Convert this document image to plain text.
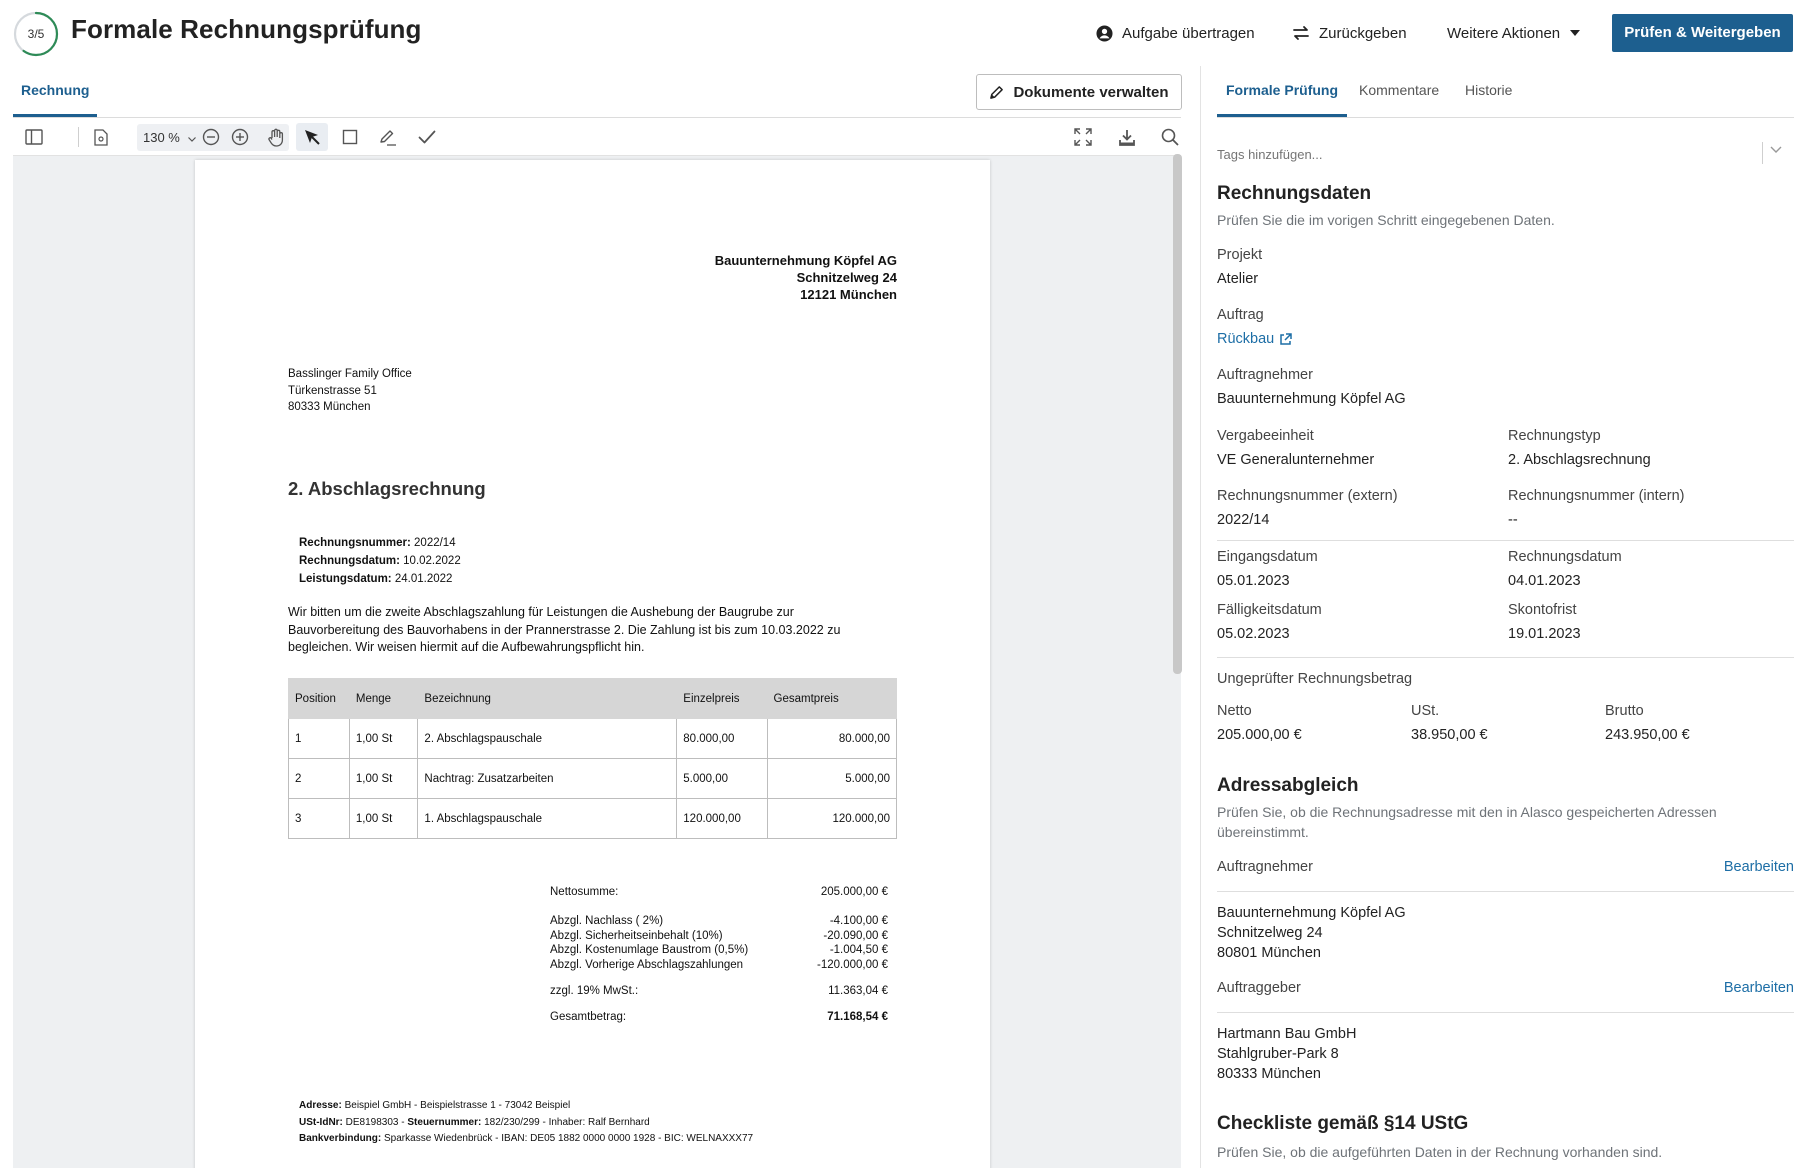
3/5	Formale Rechnungsprüfung	Aufgabe übertragen	Zurückgeben	Weitere Aktionen	Prüfen & Weitergeben
Rechnung	Dokumente verwalten
130 %
Bauunternehmung Köpfel AG
Schnitzelweg 24
12121 München
Basslinger Family Office
Türkenstrasse 51
80333 München
2. Abschlagsrechnung
Rechnungsnummer: 2022/14
Rechnungsdatum: 10.02.2022
Leistungsdatum: 24.01.2022
Wir bitten um die zweite Abschlagszahlung für Leistungen die Aushebung der Baugrube zur Bauvorbereitung des Bauvorhabens in der Prannerstrasse 2. Die Zahlung ist bis zum 10.03.2022 zu begleichen. Wir weisen hiermit auf die Aufbewahrungspflicht hin.
Position	Menge	Bezeichnung	Einzelpreis	Gesamtpreis
1	1,00 St	2. Abschlagspauschale	80.000,00	80.000,00
2	1,00 St	Nachtrag: Zusatzarbeiten	5.000,00	5.000,00
3	1,00 St	1. Abschlagspauschale	120.000,00	120.000,00
Nettosumme:	205.000,00 €
Abzgl. Nachlass ( 2%)	-4.100,00 €
Abzgl. Sicherheitseinbehalt (10%)	-20.090,00 €
Abzgl. Kostenumlage Baustrom (0,5%)	-1.004,50 €
Abzgl. Vorherige Abschlagszahlungen	-120.000,00 €
zzgl. 19% MwSt.:	11.363,04 €
Gesamtbetrag:	71.168,54 €
Adresse: Beispiel GmbH - Beispielstrasse 1 - 73042 Beispiel
USt-IdNr: DE8198303 - Steuernummer: 182/230/299 - Inhaber: Ralf Bernhard
Bankverbindung: Sparkasse Wiedenbrück - IBAN: DE05 1882 0000 0000 1928 - BIC: WELNAXXX77
Formale Prüfung Kommentare Historie
Tags hinzufügen...
Rechnungsdaten
Prüfen Sie die im vorigen Schritt eingegebenen Daten.
Projekt
Atelier
Auftrag
Rückbau
Auftragnehmer
Bauunternehmung Köpfel AG
Vergabeeinheit
VE Generalunternehmer
Rechnungstyp
2. Abschlagsrechnung
Rechnungsnummer (extern)
2022/14
Rechnungsnummer (intern)
--
Eingangsdatum
05.01.2023
Rechnungsdatum
04.01.2023
Fälligkeitsdatum
05.02.2023
Skontofrist
19.01.2023
Ungeprüfter Rechnungsbetrag
Netto
205.000,00 €
USt.
38.950,00 €
Brutto
243.950,00 €
Adressabgleich
Prüfen Sie, ob die Rechnungsadresse mit den in Alasco gespeicherten Adressen übereinstimmt.
Auftragnehmer	Bearbeiten
Bauunternehmung Köpfel AG
Schnitzelweg 24
80801 München
Auftraggeber	Bearbeiten
Hartmann Bau GmbH
Stahlgruber-Park 8
80333 München
Checkliste gemäß §14 UStG
Prüfen Sie, ob die aufgeführten Daten in der Rechnung vorhanden sind.
